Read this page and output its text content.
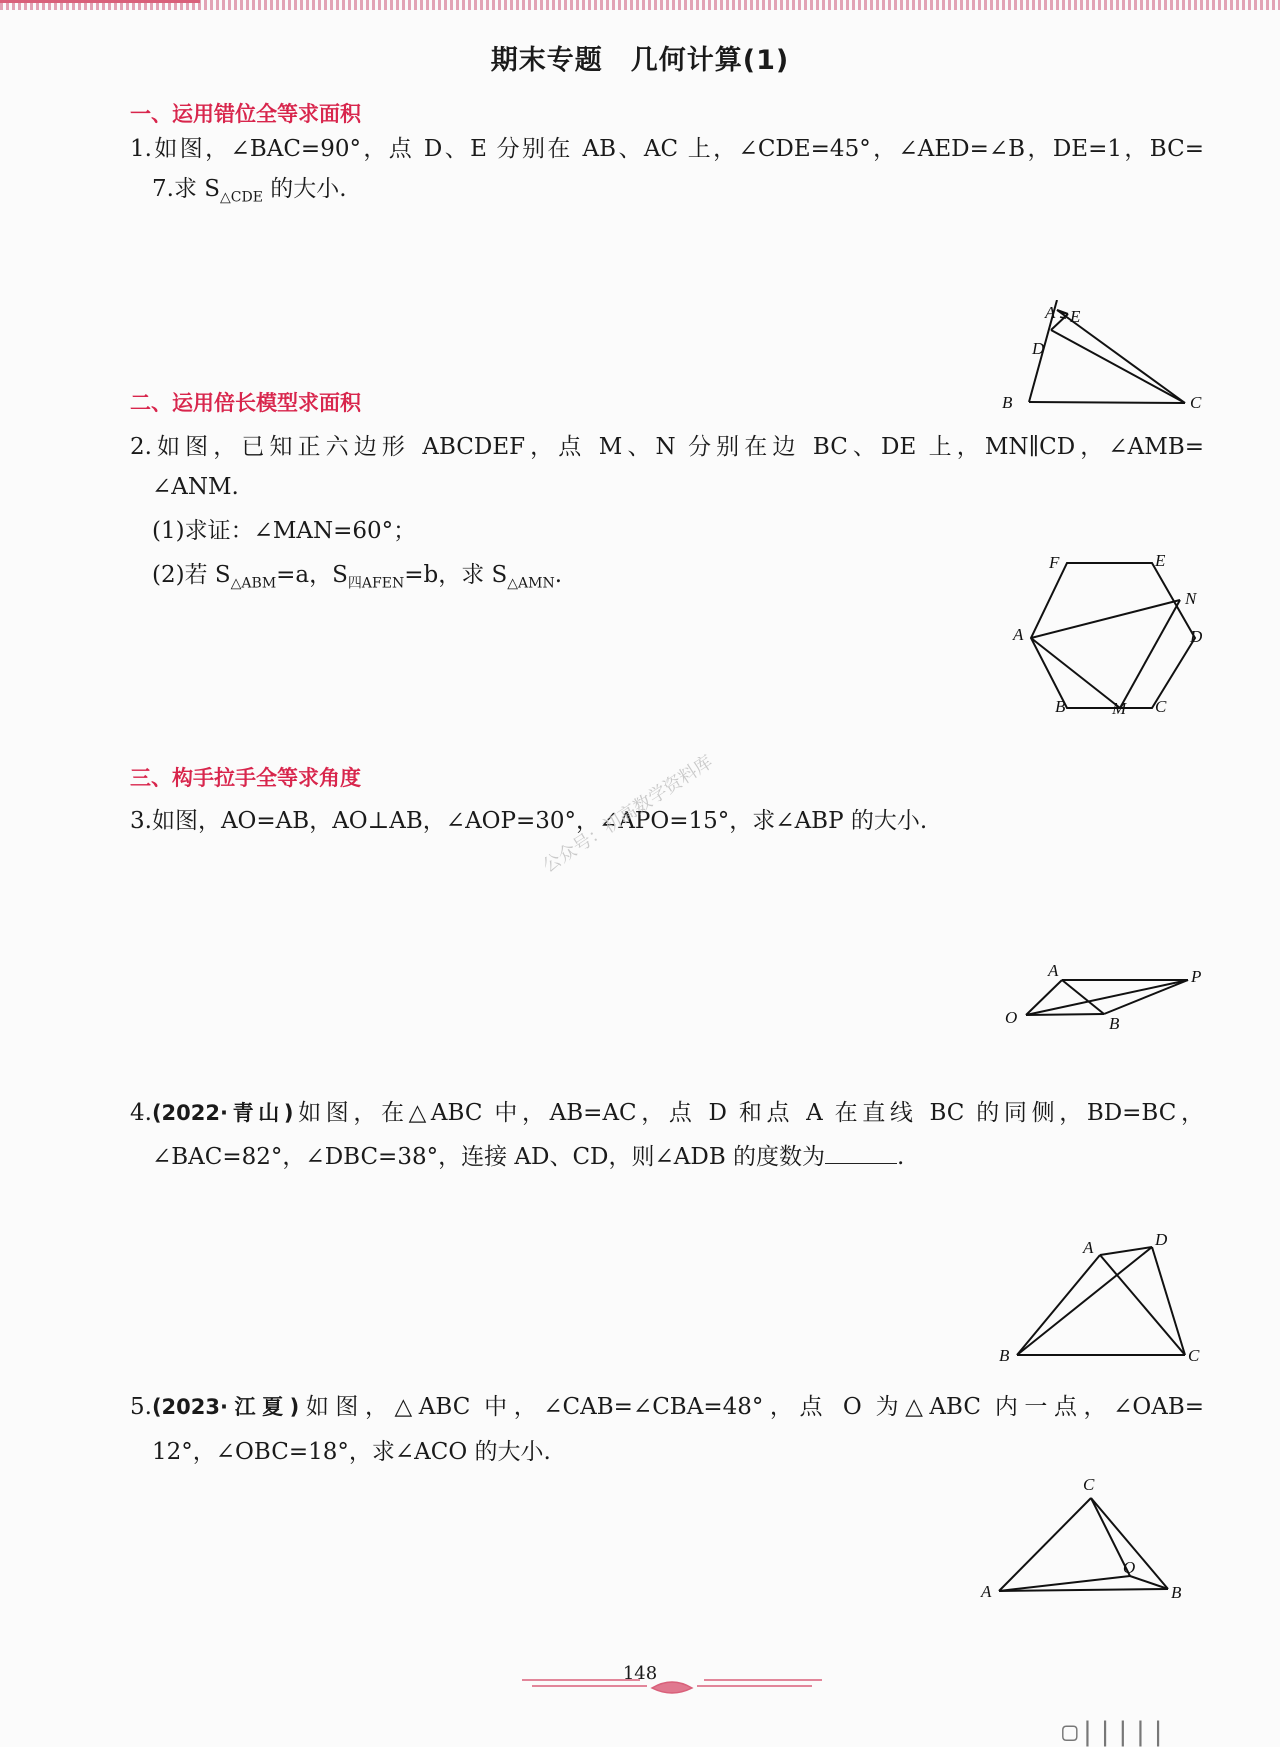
期末专题 几何计算(1)
一、运用错位全等求面积
1.如图，∠BAC=90°，点 D、E 分别在 AB、AC 上，∠CDE=45°，∠AED=∠B，DE=1，BC=
7.求 $S_{\triangle CDE}$ 的大小.
A E
D
B	C
二、运用倍长模型求面积
2.如图，已知正六边形 ABCDEF，点 M、N 分别在边 BC、DE 上，MN∥CD，∠AMB=
∠ANM.
(1)求证：∠MAN=60°；
(2)若 $S_{\triangle ABM}=a$，$S_{四AFEN}=b$，求 $S_{\triangle AMN}$.	F	E
N
A	D
B	M C
三、构手拉手全等求角度
3.如图，AO=AB，AO⊥AB，∠AOP=30°，∠APO=15°，求∠ABP 的大小.
公众号：初高数学资料库
A	P
O	B
4.(2022·青山)如图，在△ABC 中，AB=AC，点 D 和点 A 在直线 BC 的同侧，BD=BC，
∠BAC=82°，∠DBC=38°，连接 AD、CD，则∠ADB 的度数为	.
A	D
B	C
5.(2023·江夏)如图，△ABC 中，∠CAB=∠CBA=48°，点 O 为△ABC 内一点，∠OAB=
12°，∠OBC=18°，求∠ACO 的大小.
C
O
A	B
148
▢|||||
